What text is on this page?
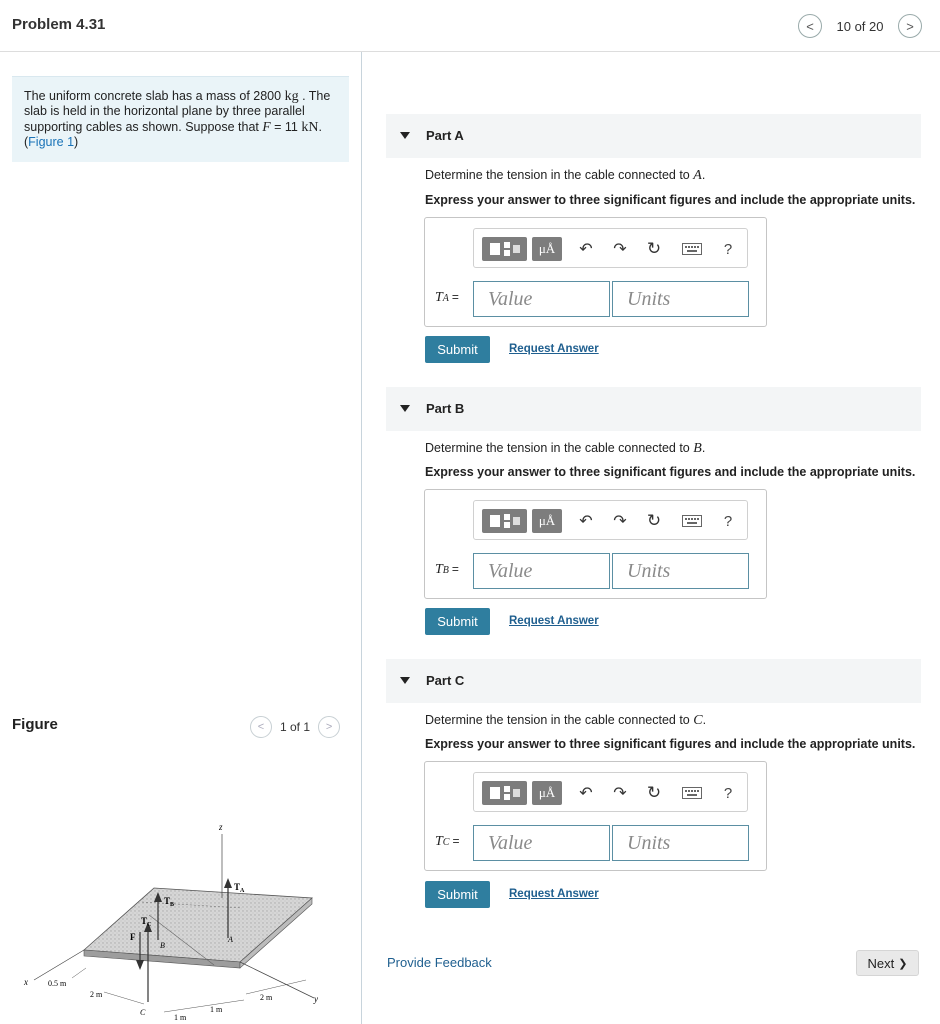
Problem 4.31	<	10 of 20	>
The uniform concrete slab has a mass of 2800 kg . The slab is held in the horizontal plane by three parallel supporting cables as shown. Suppose that F = 11 kN.
(Figure 1)
Figure	<	1 of 1	>
z
x
y
$T_A$
A
$T_B$
B
$T_C$
C
F
0.5 m
2 m
1 m
1 m
2 m
Part A
Determine the tension in the cable connected to A.
Express your answer to three significant figures and include the appropriate units.
μÅ	↶	↷	↻	?
TA =
Value
Units
Submit	Request Answer
Part B
Determine the tension in the cable connected to B.
Express your answer to three significant figures and include the appropriate units.
μÅ	↶	↷	↻	?
TB =
Value
Units
Submit	Request Answer
Part C
Determine the tension in the cable connected to C.
Express your answer to three significant figures and include the appropriate units.
μÅ	↶	↷	↻	?
TC =
Value
Units
Submit	Request Answer
Provide Feedback	Next ❯
